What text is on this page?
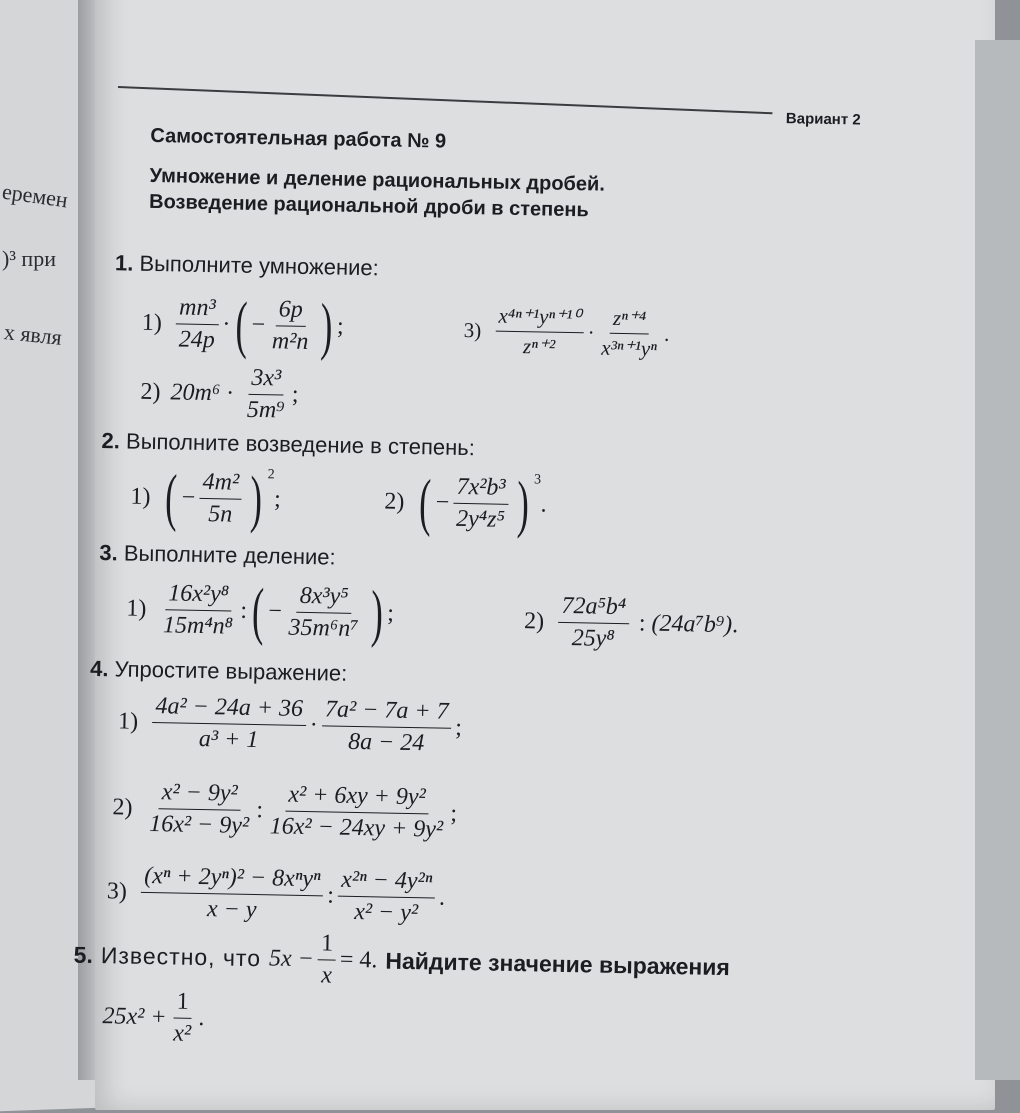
еремен
)³ при
х явля
Вариант 2
Самостоятельная работа № 9
Умножение и деление рациональных дробей.
Возведение рациональной дроби в степень
1. Выполните умножение:
$1) \frac{\text{mn³}}{24p}$ · ( − $\frac{6p}{\text{m²n}}$ ) ;
2) $20m^6 \cdot \frac{\text{3x³}}{\text{5m⁹}}$ ;
$3) \frac{\text{x⁴ⁿ⁺¹yⁿ⁺¹⁰}}{\text{zⁿ⁺²}} \cdot \frac{\text{zⁿ⁺⁴}}{\text{x³ⁿ⁺¹yⁿ}}$ .
2. Выполните возведение в степень:
1) ( − $\frac{\text{4m²}}{5n}$ ) $^2$
;	2) ( − $\frac{\text{7x²b³}}{\text{2y⁴z⁵}}$ ) $^3$
.
3. Выполните деление:
$1) \frac{\text{16x²y⁸}}{\text{15m⁴n⁸}}$ : ( − $\frac{\text{8x³y⁵}}{\text{35m⁶n⁷}}$ ) ;	$2) \frac{\text{72a⁵b⁴}}{\text{25y⁸}}$ : (24a⁷b⁹) .
4. Упростите выражение:
$1) \frac{\text{4a² − 24a + 36}}{\text{a³ + 1}} \cdot \frac{\text{7a² − 7a + 7}}{8a - 24}$ ;
$2) \frac{\text{x² − 9y²}}{\text{16x² − 9y²}}$ : $\frac{\text{x² + 6xy + 9y²}}{\text{16x² − 24xy + 9y²}}$ ;
$3) \frac{\text{(xⁿ + 2yⁿ)² − 8xⁿyⁿ}}{x - y}$ : $\frac{\text{x²ⁿ − 4y²ⁿ}}{\text{x² − y²}}$ .
5. Известно, что $5x - \frac{1}{x} = 4$. Найдите значение выражения
$25x^2 + \frac{1}{\text{x²}}$ .
